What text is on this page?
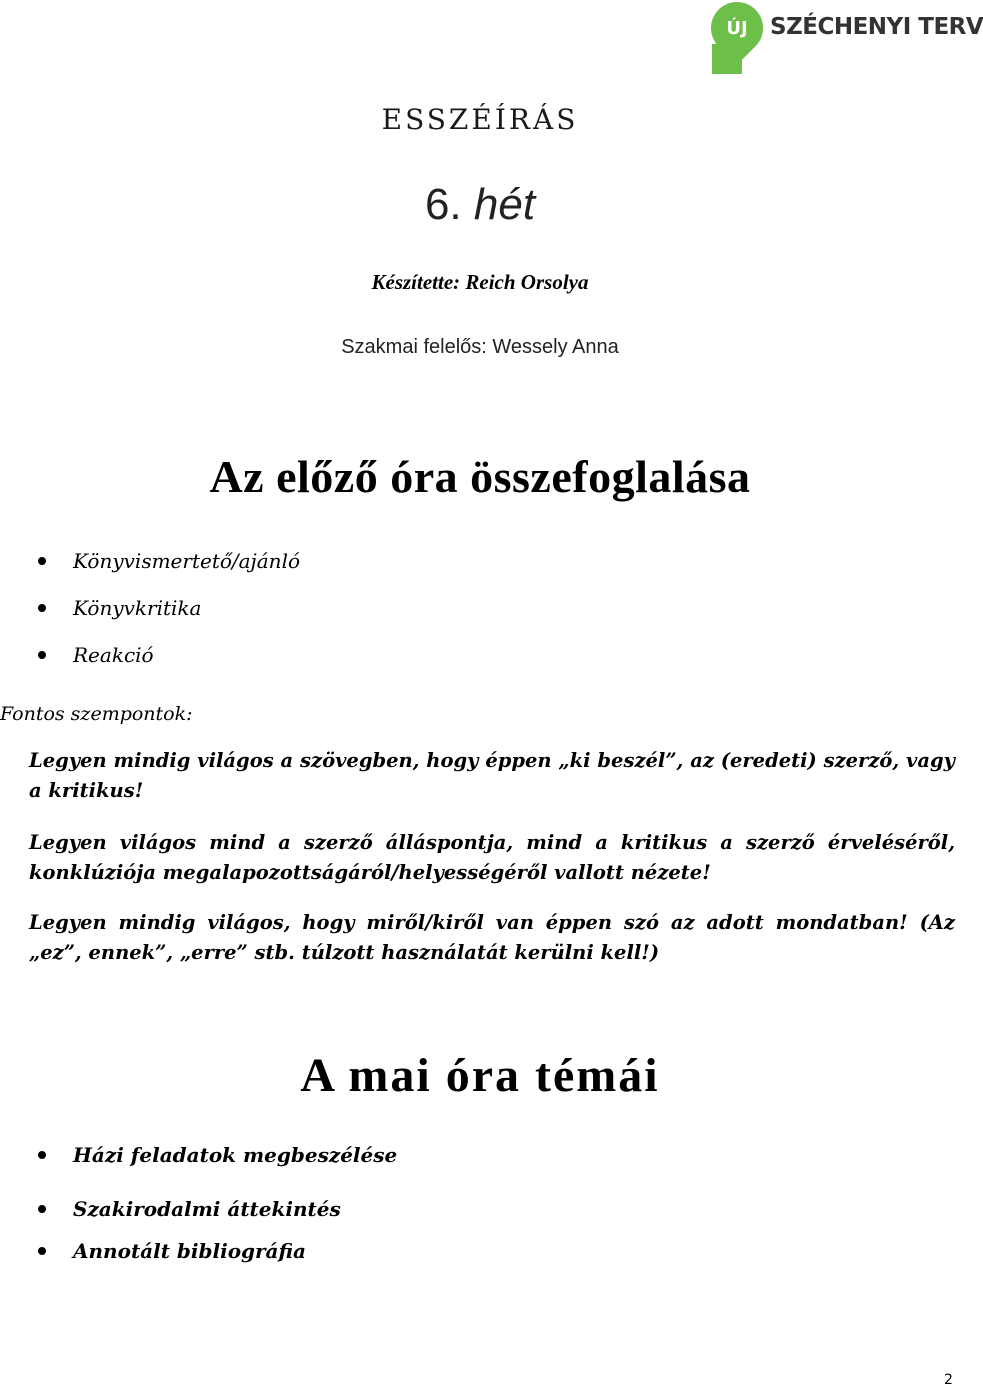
ÚJ SZÉCHENYI TERV
ESSZÉÍRÁS
6. hét
Készítette: Reich Orsolya
Szakmai felelős: Wessely Anna
Az előző óra összefoglalása
Könyvismertető/ajánló
Könyvkritika
Reakció
Fontos szempontok:
Legyen mindig világos a szövegben, hogy éppen „ki beszél”, az (eredeti) szerző, vagy a kritikus!
Legyen világos mind a szerző álláspontja, mind a kritikus a szerző érveléséről, konklúziója megalapozottságáról/helyességéről vallott nézete!
Legyen mindig világos, hogy miről/kiről van éppen szó az adott mondatban! (Az „ez”, ennek”, „erre” stb. túlzott használatát kerülni kell!)
A mai óra témái
Házi feladatok megbeszélése
Szakirodalmi áttekintés
Annotált bibliográfia
2
